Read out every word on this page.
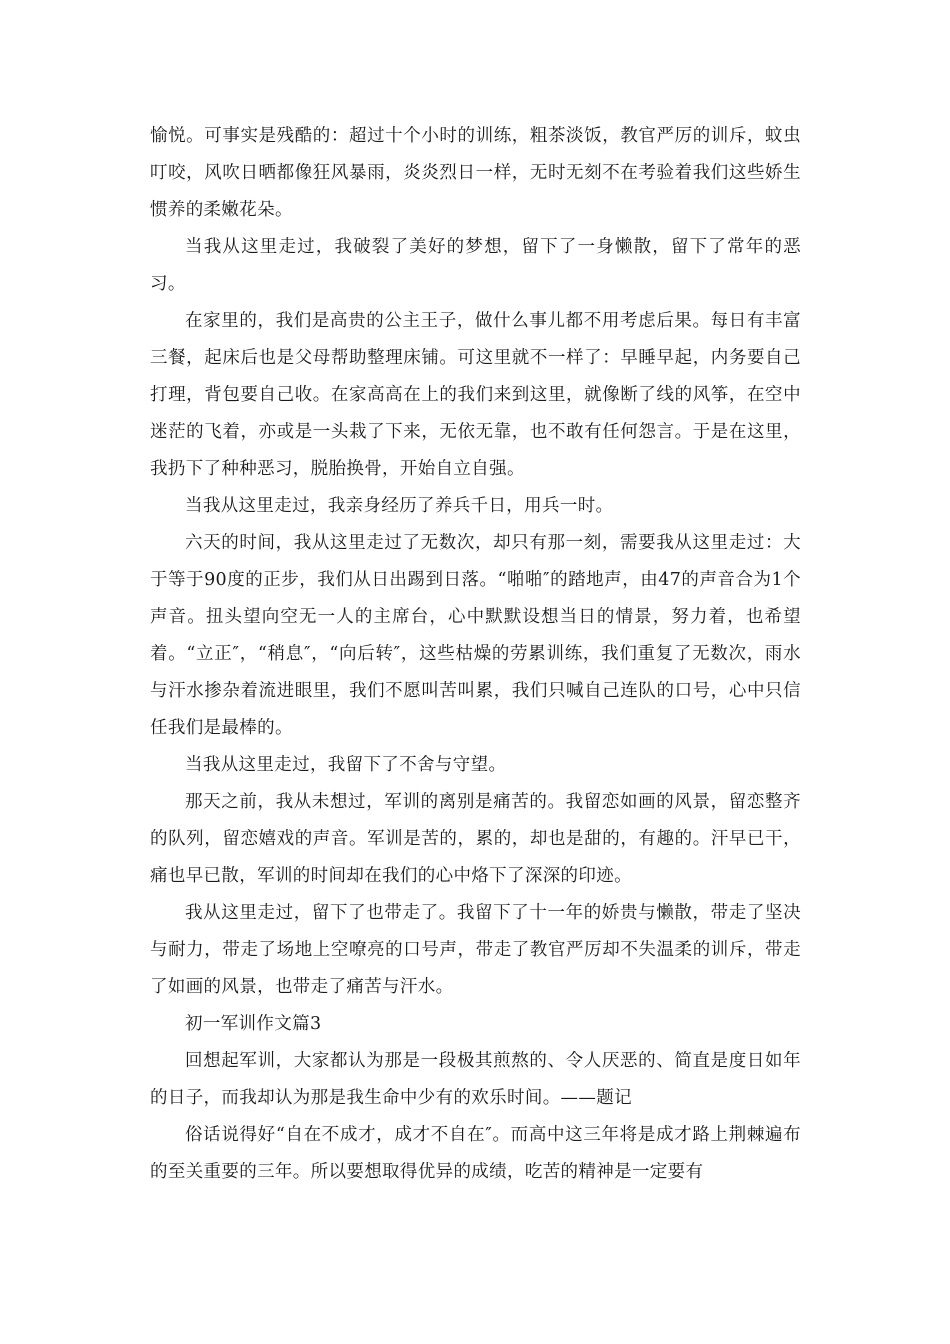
愉悦。可事实是残酷的：超过十个小时的训练，粗茶淡饭，教官严厉的训斥，蚊虫叮咬，风吹日晒都像狂风暴雨，炎炎烈日一样，无时无刻不在考验着我们这些娇生惯养的柔嫩花朵。

当我从这里走过，我破裂了美好的梦想，留下了一身懒散，留下了常年的恶习。

在家里的，我们是高贵的公主王子，做什么事儿都不用考虑后果。每日有丰富三餐，起床后也是父母帮助整理床铺。可这里就不一样了：早睡早起，内务要自己打理，背包要自己收。在家高高在上的我们来到这里，就像断了线的风筝，在空中迷茫的飞着，亦或是一头栽了下来，无依无靠，也不敢有任何怨言。于是在这里，我扔下了种种恶习，脱胎换骨，开始自立自强。

当我从这里走过，我亲身经历了养兵千日，用兵一时。

六天的时间，我从这里走过了无数次，却只有那一刻，需要我从这里走过：大于等于90度的正步，我们从日出踢到日落。“啪啪″的踏地声，由47的声音合为1个声音。扭头望向空无一人的主席台，心中默默设想当日的情景，努力着，也希望着。“立正″，“稍息″，“向后转″，这些枯燥的劳累训练，我们重复了无数次，雨水与汗水掺杂着流进眼里，我们不愿叫苦叫累，我们只喊自己连队的口号，心中只信任我们是最棒的。

当我从这里走过，我留下了不舍与守望。

那天之前，我从未想过，军训的离别是痛苦的。我留恋如画的风景，留恋整齐的队列，留恋嬉戏的声音。军训是苦的，累的，却也是甜的，有趣的。汗早已干，痛也早已散，军训的时间却在我们的心中烙下了深深的印迹。

我从这里走过，留下了也带走了。我留下了十一年的娇贵与懒散，带走了坚决与耐力，带走了场地上空嘹亮的口号声，带走了教官严厉却不失温柔的训斥，带走了如画的风景，也带走了痛苦与汗水。

初一军训作文篇3

回想起军训，大家都认为那是一段极其煎熬的、令人厌恶的、简直是度日如年的日子，而我却认为那是我生命中少有的欢乐时间。——题记

俗话说得好“自在不成才，成才不自在″。而高中这三年将是成才路上荆棘遍布的至关重要的三年。所以要想取得优异的成绩，吃苦的精神是一定要有
